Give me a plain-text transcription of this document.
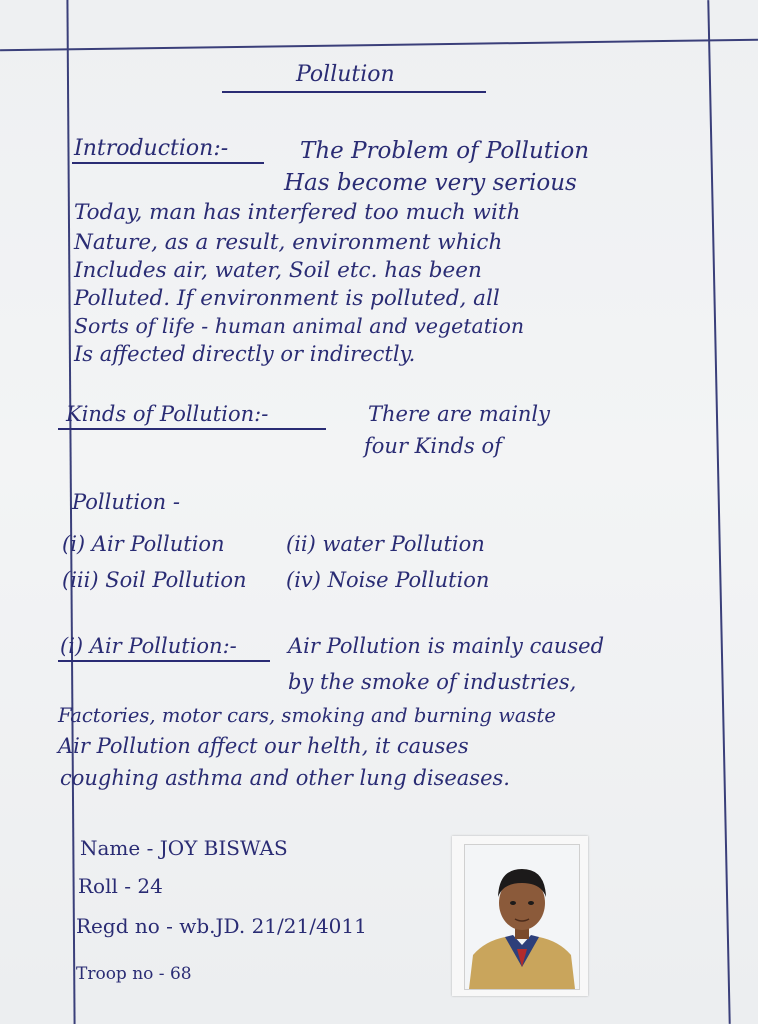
Pollution
Introduction:-	The Problem of Pollution
Has become very serious
Today, man has interfered too much with
Nature, as a result, environment which
Includes air, water, Soil etc. has been
Polluted. If environment is polluted, all
Sorts of life - human animal and vegetation
Is affected directly or indirectly.
Kinds of Pollution:-	There are mainly
four Kinds of
Pollution -
(i) Air Pollution	(ii) water Pollution
(iii) Soil Pollution (iv) Noise Pollution
(i) Air Pollution:- Air Pollution is mainly caused
by the smoke of industries,
Factories, motor cars, smoking and burning waste
Air Pollution affect our helth, it causes
coughing asthma and other lung diseases.
Name - JOY BISWAS
Roll - 24
Regd no - wb.JD. 21/21/4011
Troop no - 68
